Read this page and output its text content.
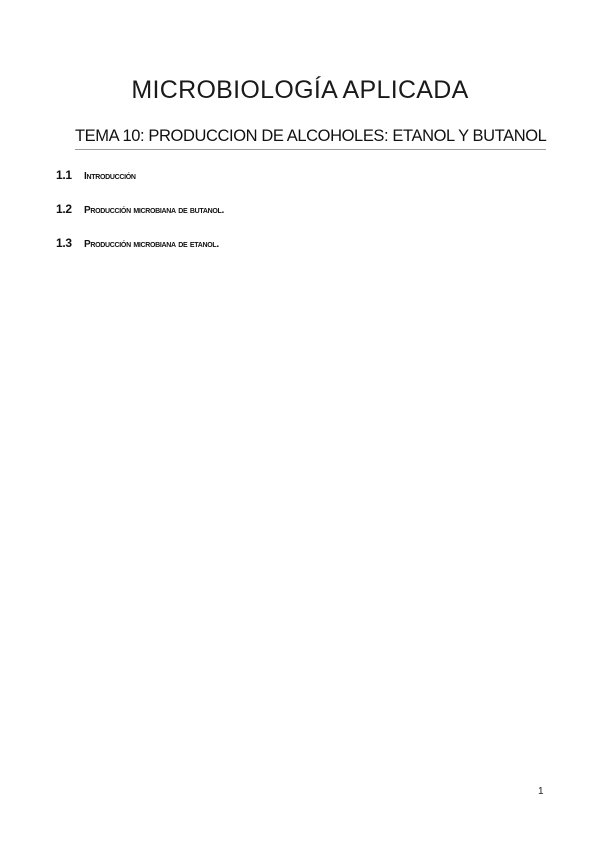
MICROBIOLOGÍA APLICADA

TEMA 10: PRODUCCION DE ALCOHOLES: ETANOL Y BUTANOL

1.1	Introducción
1.2	Producción microbiana de butanol.
1.3	Producción microbiana de etanol.
1
